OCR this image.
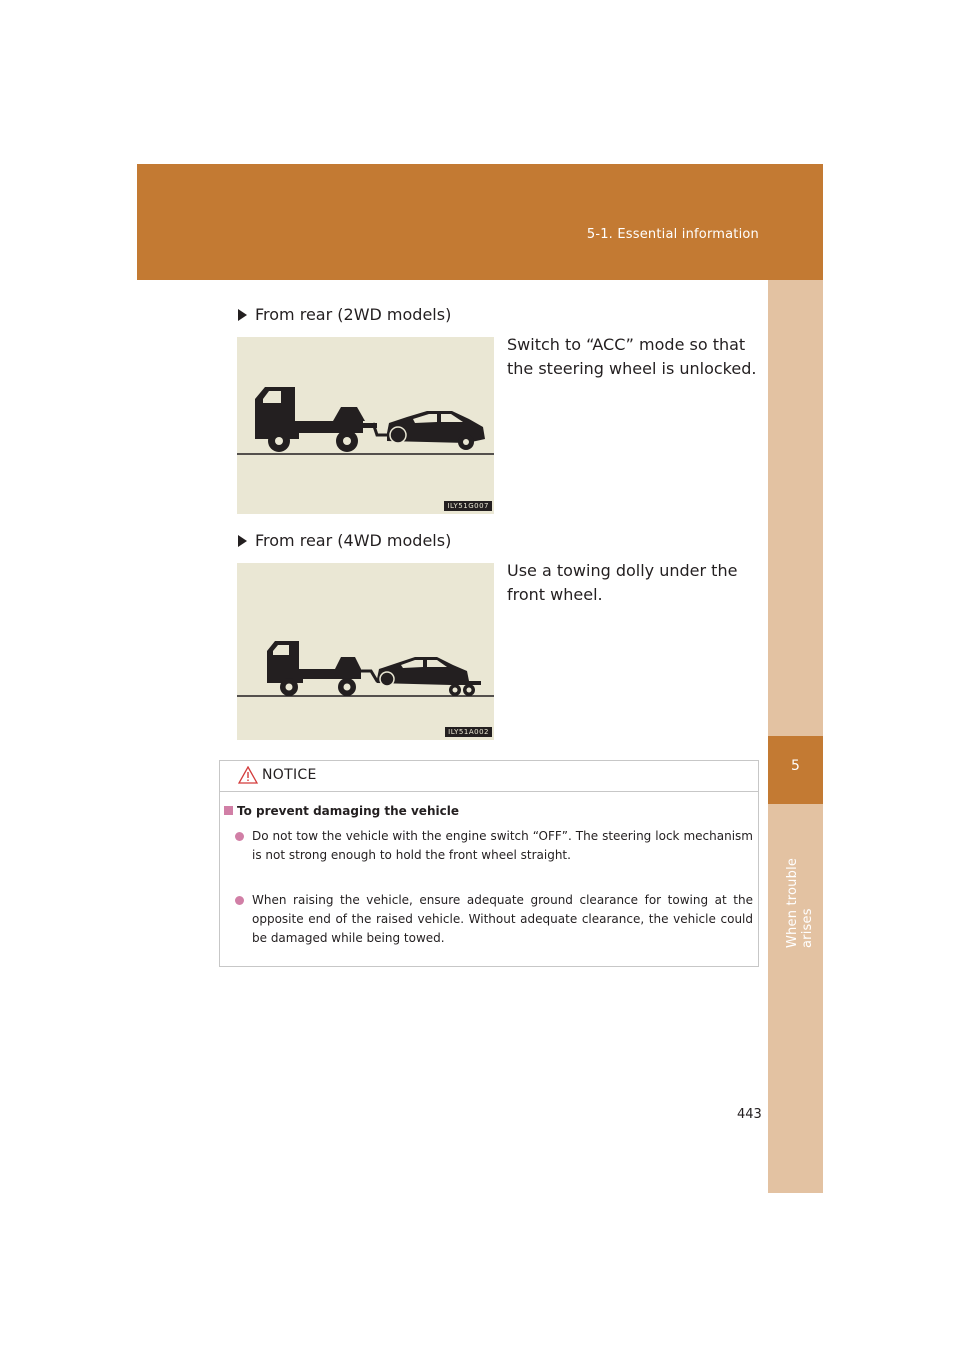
5-1. Essential information
5
When trouble arises
From rear (2WD models)
ILY51G007
Switch to “ACC” mode so that the steering wheel is unlocked.
From rear (4WD models)
ILY51A002
Use a towing dolly under the front wheel.
NOTICE
To prevent damaging the vehicle
Do not tow the vehicle with the engine switch “OFF”. The steering lock mechanism is not strong enough to hold the front wheel straight.
When raising the vehicle, ensure adequate ground clearance for towing at the opposite end of the raised vehicle. Without adequate clearance, the vehicle could be damaged while being towed.
443
